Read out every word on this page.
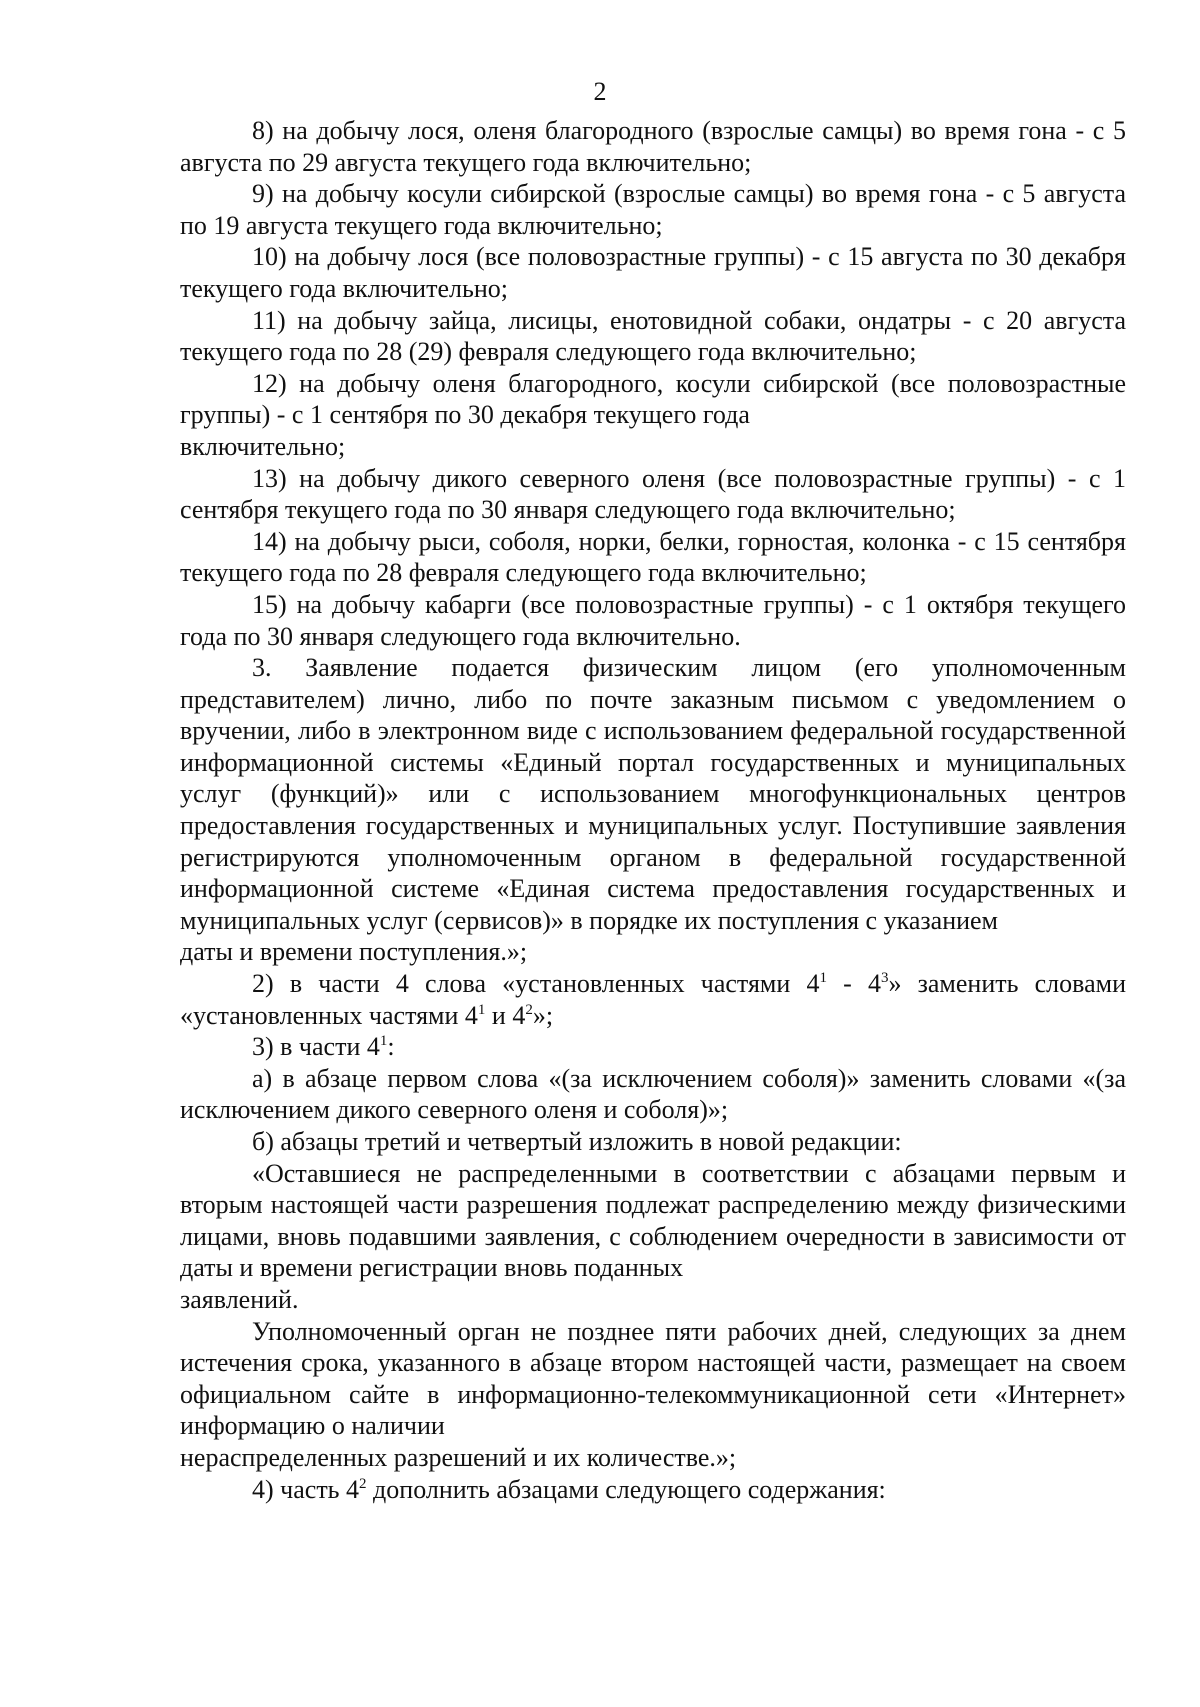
2

8) на добычу лося, оленя благородного (взрослые самцы) во время гона - с 5 августа по 29 августа текущего года включительно;

9) на добычу косули сибирской (взрослые самцы) во время гона - с 5 августа по 19 августа текущего года включительно;

10) на добычу лося (все половозрастные группы) - с 15 августа по 30 декабря текущего года включительно;

11) на добычу зайца, лисицы, енотовидной собаки, ондатры - с 20 августа текущего года по 28 (29) февраля следующего года включительно;

12) на добычу оленя благородного, косули сибирской (все половозрастные группы) - с 1 сентября по 30 декабря текущего года
включительно;

13) на добычу дикого северного оленя (все половозрастные группы) - с 1 сентября текущего года по 30 января следующего года включительно;

14) на добычу рыси, соболя, норки, белки, горностая, колонка - с 15 сентября текущего года по 28 февраля следующего года включительно;

15) на добычу кабарги (все половозрастные группы) - с 1 октября текущего года по 30 января следующего года включительно.

3. Заявление подается физическим лицом (его уполномоченным представителем) лично, либо по почте заказным письмом с уведомлением о вручении, либо в электронном виде с использованием федеральной государственной информационной системы «Единый портал государственных и муниципальных услуг (функций)» или с использованием многофункциональных центров предоставления государственных и муниципальных услуг. Поступившие заявления регистрируются уполномоченным органом в федеральной государственной информационной системе «Единая система предоставления государственных и муниципальных услуг (сервисов)» в порядке их поступления с указанием
даты и времени поступления.»;

2) в части 4 слова «установленных частями $4^1 - 4^3$» заменить словами «установленных частями $4^1$ и $4^2$»;

3) в части $4^1$:

а) в абзаце первом слова «(за исключением соболя)» заменить словами «(за исключением дикого северного оленя и соболя)»;

б) абзацы третий и четвертый изложить в новой редакции:

«Оставшиеся не распределенными в соответствии с абзацами первым и вторым настоящей части разрешения подлежат распределению между физическими лицами, вновь подавшими заявления, с соблюдением очередности в зависимости от даты и времени регистрации вновь поданных
заявлений.

Уполномоченный орган не позднее пяти рабочих дней, следующих за днем истечения срока, указанного в абзаце втором настоящей части, размещает на своем официальном сайте в информационно-телекоммуникационной сети «Интернет» информацию о наличии
нераспределенных разрешений и их количестве.»;

4) часть $4^2$ дополнить абзацами следующего содержания:
